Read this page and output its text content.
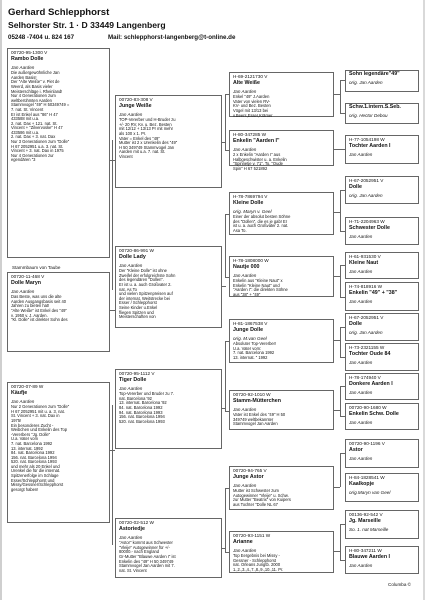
Gerhard Schlepphorst
Selhorster Str. 1 · D 33449 Langenberg
05248 -7404 u. 824 167	Mail: schlepphorst-langenberg@t-online.de
00720-95-1300 V
Rambo Dolle
Jan Aarden
Die außergewöhnliche Jan
Aarden Basis!
Der "Alte Weiße" v. Piet de
Weerd, als Basis vieler
Meisterschläge i. Rheinland!
Nur 4 Generationen zum
weltberühmten Aarden
Stammvogel "49" H 50349749 =
7. nat. St. Vincent
Er ist Enkel aus "86" H 47
433588 mit u.a.
2. nat. Dax + 121. nat. St.
Vincent + "Zilvervoske" H 47
433586 mit u.a.
2. nat. Dax + 3. nat. Dax
Nur 3 Generationen zum "Dolle"
H 67 2052951 u.a. 3. nat. St.
Vincent + 3. nat. Dax in 1975
Nur 4 Generationen zur
egendären "3
Stammbaum von Taube
00720-11-468 V
Dolle Maryn
Jan Aarden
Das Beste, was uns die alte
Aarden Ausgangsbasis seit 40
Jahren zu bieten hat!
"Alte Weiße" ist Enkel des "49"
v. 1950 v. J. Aarden.
"Kl. Dolle" ist direkter Sohn des
00720-07-89 W
Käufje
Jan Aarden
Nur 2 Generationen zum "Dolle"
H 67 2052951 mit u. a. 3. nat.
St. Vincent + 3. nat. Dax in
1975!
Ein besonderes Zucht -
Weibchen und Enkelin des Top
-Vererbers "Jg. Dolle"
U.a. Vater vom
7. nat. Barcelona 1992
13. internat. 1992
84. nat. Barcelona 1992
156. nat. Barcelona 1994
520. nat. Barcelona 1993
und mehr als 20 Enkel und
Urenkel die für die internat.
Spitzenerfolge im Schlage
Esser/Schlepphorst und
Missy/Gessner/Schlepphorst
gesorgt haben!
00720-83-308 V
Junge Weiße
Jan Aarden
TOP-Vererber und H-Bruder zu
+/- 20 RV, Kv. u. Bez. Besten
mit 12/12 + 13/13 Pr mit mehr
als 100 x 1. Pr.
Vater = Enkel des "49"
Mutter ist 2 x Urenkelin des "49"
H 50 349749 Stammvogel Jan
Aarden mit u.a. 7. nat. St.
Vincent
00720-86-991 W
Dolle Lady
Jan Aarden
Der "Kleine Dolle" ist ohne
Zweifel der erfolgreichste Sohn
des legendären "Dollen".
Er ist u. a. auch Großvater 2.
nat. As To
und vielen Spitzenpreisen auf
der internat. Weitstrecke bei
Esser / Schlepphorst
Seine Kinder u.Enkel
fliegen Spitzen und
Meisterschaften von
00720-95-1112 V
Tiger Dolle
Jan Aarden
Top-Vererber und Bruder zu 7.
nat. Barcelona '92
13. internat. Barcelona '92
84. nat. Barcelona 1992
94. nat. Barcelona 1993
156. nat. Barcelona 1994
520. nat. Barcelona 1993
00720-02-512 W
Astoriedje
Jan Aarden
"Astor" kommt aus Schwester
"Vleije" Autogewinner für +/-
80000.- nach England
Gr-Mutter "Blauwe Aarden I" ist
Enkelin des "49" H 50 349749
Stammvogel Jan Aarden mit 7.
nat. St. Vincent
H-69-2121730 V
Alte Weiße
Jan Aarden
Enkel "49" J.Aarden
Vater von vielen RV-
KV- und Bez. Besten
Vögel mit 13/13 bei
v.Beers,Esser,Krämer
H-80-347285 W
Enkelin "Aarden I"
Jan Aarden
2 x Enkelin "Aarden I" aus
Halbgeschwister u. a. Enkelin
"Spinnetje v. 71". To. "Oude
Spin" H 67 521892
H-78-7869794 V
Kleine Dolle
orig. Maryn v. Geel
Einer der absolut besten Söhne
des "Dollen", die es je gab! Er
ist u. a. auch Großvater 2. nat.
Asa To.
H-78-1808000 W
Nautje 000
Jan Aarden
Enkelin aus "Kleine Naut" x
Enkelin "Kleine Naut" und
"Aarden I": die direkten Söhne
aus "38" + "49"
H-81-1867538 V
Junge Dolle
orig. M.van Geel
Absoluter Top-Vererber!
U.a. Vater vom:
7. nat. Barcelona 1992
13. internat. " 1992
00720-92-1010 W
Stamm-Mütterchen
Jan Aarden
Vater ist Enkel des "49" H 50
349749 weltbekannter
Stammvogel Jan Aarden
00720-94-765 V
Junge Astor
Jan Aarden
Mutter ist Schwester zum
Autogewinner "Vleije" u. Schw.
zur Mutter "Beatrix" von Kuipers
aus Tochter "Dolle NL 67
00720-93-1151 W
Arianne
Jan Aarden
Top Eergebnis bei Missy -
Gessner - Schlepphorst
nat. Orleans Jungtb. 2000
1.,2.,3.,4.,7.,8.,9.,10.,11. Pr.
Sohn legendäre"49"
orig. Jan Aarden
Schw.1.intern.S.Seb.
orig. Hector Debou
H-77-1054198 W
Tochter Aarden I
Jan Aarden
H-67-2052951 V
Dolle
orig. Jan Aarden
H-71-2204963 W
Schwester Dolle
Jan Aarden
H-61-931530 V
Kleine Naut
Jan Aarden
H-74-818916 W
Enkelin "49" + "38"
Jan Aarden
H-67-2052951 V
Dolle
orig. Jan Aarden
H-73-2321155 W
Tochter Oude 84
Jan Aarden
H-78-174940 V
Donkere Aarden I
Jan Aarden
00720-90-1680 W
Enkelin Schw. Dolle
Jan Aarden
00720-90-1196 V
Astor
Jan Aarden
H-84-1828541 W
Kaalkopje
orig.Maryn van Geel
00136-92-542 V
Jg. Marseille
So. 1. nat Marseille
H-80-347211 W
Blauwe Aarden I
Jan Aarden
Columba ©
